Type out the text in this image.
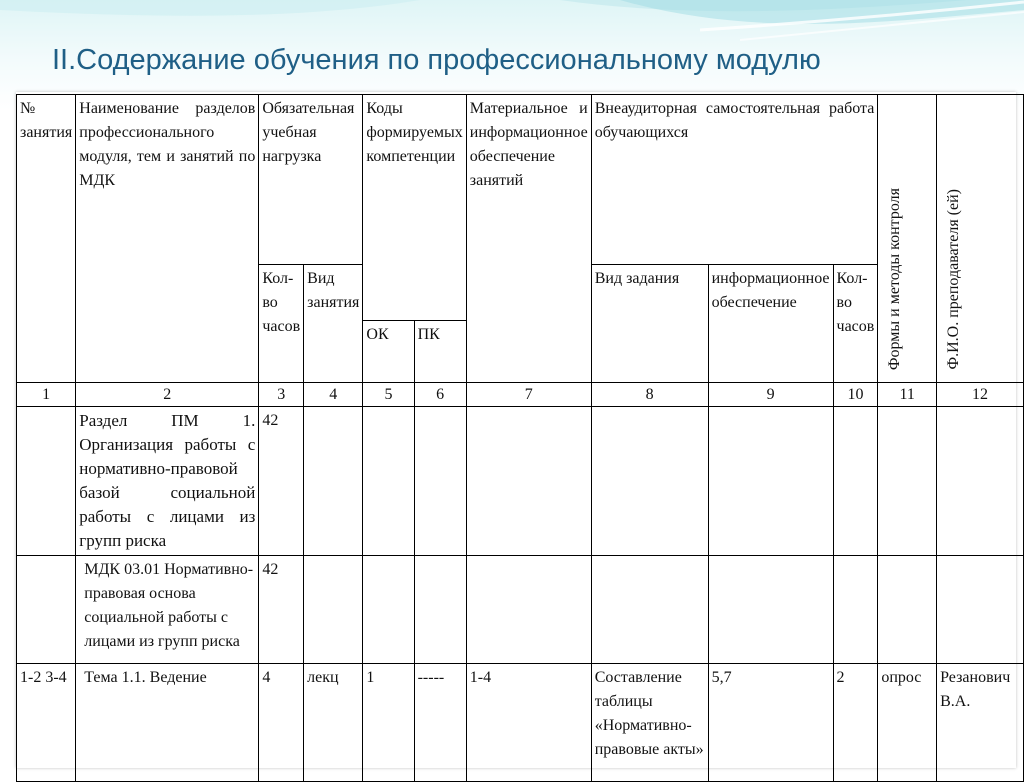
II.Содержание обучения по профессиональному модулю
№ занятия	Наименование разделов профессионального модуля, тем и занятий по МДК	Обязательная учебная нагрузка		Коды формируемых компетенции		Материальное и информационное обеспечение занятий	Внеаудиторная самостоятельная работа обучающихся			Формы и методы контроля	Ф.И.О. преподавателя (ей)
		Кол-во часов	Вид занятия				Вид задания	информационное обеспечение	Кол-во часов		
				ОК	ПК						
1	2	3	4	5	6	7	8	9	10	11	12
	Раздел ПМ 1. Организация работы с нормативно-правовой базой социальной работы с лицами из групп риска	42									
	МДК 03.01 Нормативно-правовая основа социальной работы с лицами из групп риска	42									

1-2 3-4	Тема 1.1. Ведение	4	лекц	1	-----	1-4	Составление таблицы «Нормативно-правовые акты»	5,7	2	опрос	Резанович В.А.
